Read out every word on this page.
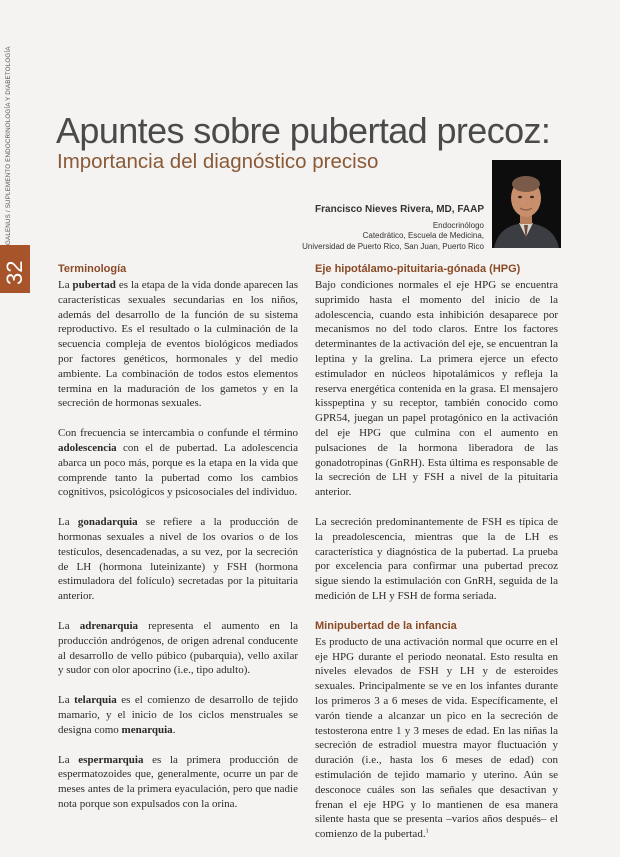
GALENUS / SUPLEMENTO ENDOCRINOLOGÍA Y DIABETOLOGÍA
32
Apuntes sobre pubertad precoz:
Importancia del diagnóstico preciso
Francisco Nieves Rivera, MD, FAAP
Endocrinólogo
Catedrático, Escuela de Medicina,
Universidad de Puerto Rico, San Juan, Puerto Rico
Terminología

La pubertad es la etapa de la vida donde aparecen las características sexuales secundarias en los niños, además del desarrollo de la función de su sistema reproductivo. Es el resultado o la culminación de la secuencia compleja de eventos biológicos mediados por factores genéticos, hormonales y del medio ambiente. La combinación de todos estos elementos termina en la maduración de los gametos y en la secreción de hormonas sexuales.

Con frecuencia se intercambia o confunde el término adolescencia con el de pubertad. La adolescencia abarca un poco más, porque es la etapa en la vida que comprende tanto la pubertad como los cambios cognitivos, psicológicos y psicosociales del individuo.

La gonadarquia se refiere a la producción de hormonas sexuales a nivel de los ovarios o de los testículos, desencadenadas, a su vez, por la secreción de LH (hormona luteinizante) y FSH (hormona estimuladora del folículo) secretadas por la pituitaria anterior.

La adrenarquia representa el aumento en la producción andrógenos, de origen adrenal conducente al desarrollo de vello púbico (pubarquia), vello axilar y sudor con olor apocrino (i.e., tipo adulto).

La telarquia es el comienzo de desarrollo de tejido mamario, y el inicio de los ciclos menstruales se designa como menarquia.

La espermarquia es la primera producción de espermatozoides que, generalmente, ocurre un par de meses antes de la primera eyaculación, pero que nadie nota porque son expulsados con la orina.

Eje hipotálamo-pituitaria-gónada (HPG)

Bajo condiciones normales el eje HPG se encuentra suprimido hasta el momento del inicio de la adolescencia, cuando esta inhibición desaparece por mecanismos no del todo claros. Entre los factores determinantes de la activación del eje, se encuentran la leptina y la grelina. La primera ejerce un efecto estimulador en núcleos hipotalámicos y refleja la reserva energética contenida en la grasa. El mensajero kisspeptina y su receptor, también conocido como GPR54, juegan un papel protagónico en la activación del eje HPG que culmina con el aumento en pulsaciones de la hormona liberadora de las gonadotropinas (GnRH). Esta última es responsable de la secreción de LH y FSH a nivel de la pituitaria anterior.

La secreción predominantemente de FSH es típica de la preadolescencia, mientras que la de LH es característica y diagnóstica de la pubertad. La prueba por excelencia para confirmar una pubertad precoz sigue siendo la estimulación con GnRH, seguida de la medición de LH y FSH de forma seriada.

Minipubertad de la infancia

Es producto de una activación normal que ocurre en el eje HPG durante el periodo neonatal. Esto resulta en niveles elevados de FSH y LH y de esteroides sexuales. Principalmente se ve en los infantes durante los primeros 3 a 6 meses de vida. Específicamente, el varón tiende a alcanzar un pico en la secreción de testosterona entre 1 y 3 meses de edad. En las niñas la secreción de estradiol muestra mayor fluctuación y duración (i.e., hasta los 6 meses de edad) con estimulación de tejido mamario y uterino. Aún se desconoce cuáles son las señales que desactivan y frenan el eje HPG y lo mantienen de esa manera silente hasta que se presenta –varios años después– el comienzo de la pubertad.$^1$
